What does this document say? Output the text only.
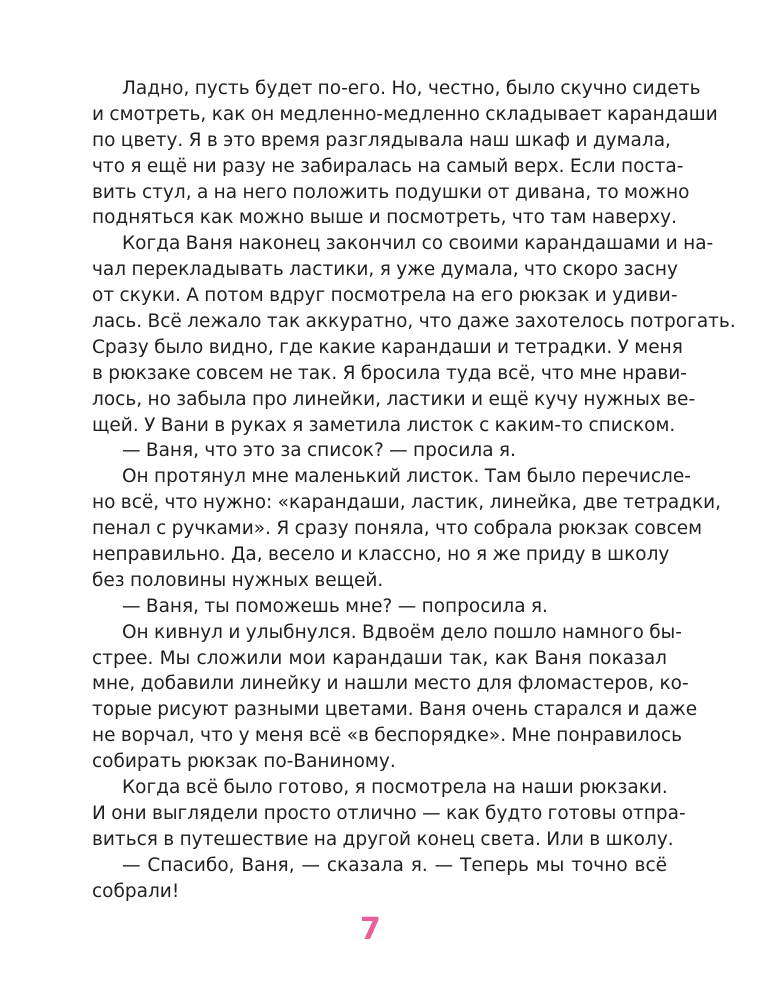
Ладно, пусть будет по-его. Но, честно, было скучно сидеть
и смотреть, как он медленно-медленно складывает карандаши
по цвету. Я в это время разглядывала наш шкаф и думала,
что я ещё ни разу не забиралась на самый верх. Если поста-
вить стул, а на него положить подушки от дивана, то можно
подняться как можно выше и посмотреть, что там наверху.
Когда Ваня наконец закончил со своими карандашами и на-
чал перекладывать ластики, я уже думала, что скоро засну
от скуки. А потом вдруг посмотрела на его рюкзак и удиви-
лась. Всё лежало так аккуратно, что даже захотелось потрогать.
Сразу было видно, где какие карандаши и тетрадки. У меня
в рюкзаке совсем не так. Я бросила туда всё, что мне нрави-
лось, но забыла про линейки, ластики и ещё кучу нужных ве-
щей. У Вани в руках я заметила листок с каким-то списком.
— Ваня, что это за список? — просила я.
Он протянул мне маленький листок. Там было перечисле-
но всё, что нужно: «карандаши, ластик, линейка, две тетрадки,
пенал с ручками». Я сразу поняла, что собрала рюкзак совсем
неправильно. Да, весело и классно, но я же приду в школу
без половины нужных вещей.
— Ваня, ты поможешь мне? — попросила я.
Он кивнул и улыбнулся. Вдвоём дело пошло намного бы-
стрее. Мы сложили мои карандаши так, как Ваня показал
мне, добавили линейку и нашли место для фломастеров, ко-
торые рисуют разными цветами. Ваня очень старался и даже
не ворчал, что у меня всё «в беспорядке». Мне понравилось
собирать рюкзак по-Ваниному.
Когда всё было готово, я посмотрела на наши рюкзаки.
И они выглядели просто отлично — как будто готовы отпра-
виться в путешествие на другой конец света. Или в школу.
— Спасибо, Ваня, — сказала я. — Теперь мы точно всё
собрали!
7
